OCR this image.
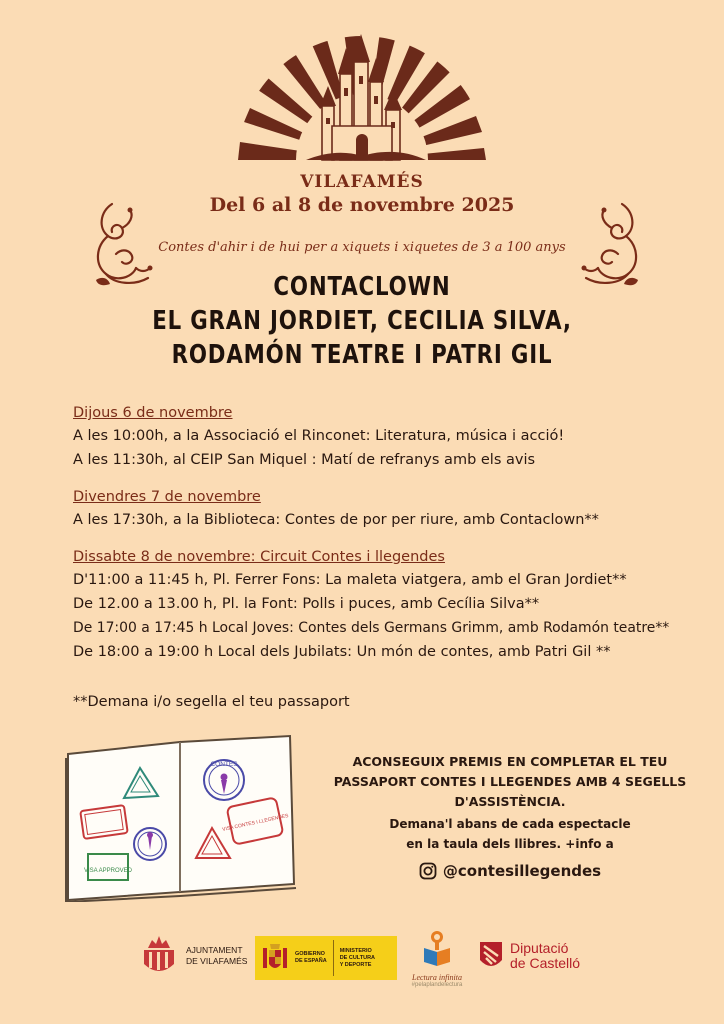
VILAFAMÉS
Del 6 al 8 de novembre 2025
Contes d'ahir i de hui per a xiquets i xiquetes de 3 a 100 anys
CONTACLOWN
EL GRAN JORDIET, CECILIA SILVA,
RODAMÓN TEATRE I PATRI GIL
Dijous 6 de novembre
A les 10:00h, a la Associació el Rinconet: Literatura, música i acció!
A les 11:30h, al CEIP San Miquel : Matí de refranys amb els avis
Divendres 7 de novembre
A les 17:30h, a la Biblioteca: Contes de por per riure, amb Contaclown**
Dissabte 8 de novembre: Circuit Contes i llegendes
D'11:00 a 11:45 h, Pl. Ferrer Fons: La maleta viatgera, amb el Gran Jordiet**
De 12.00 a 13.00 h, Pl. la Font: Polls i puces, amb Cecília Silva**
De 17:00 a 17:45 h Local Joves: Contes dels Germans Grimm, amb Rodamón teatre**
De 18:00 a 19:00 h Local dels Jubilats: Un món de contes, amb Patri Gil **
**Demana i/o segella el teu passaport
VISA APPROVED
CONTES
VISA CONTES I LLEGENDES
ACONSEGUIX PREMIS EN COMPLETAR EL TEU
PASSAPORT CONTES I LLEGENDES AMB 4 SEGELLS
D'ASSISTÈNCIA.
Demana'l abans de cada espectacle
en la taula dels llibres. +info a
@contesillegendes
AJUNTAMENT
DE VILAFAMÉS
GOBIERNO
DE ESPAÑA
MINISTERIO
DE CULTURA
Y DEPORTE
Lectura infinita
#pelaplandelectura
Diputació
de Castelló
